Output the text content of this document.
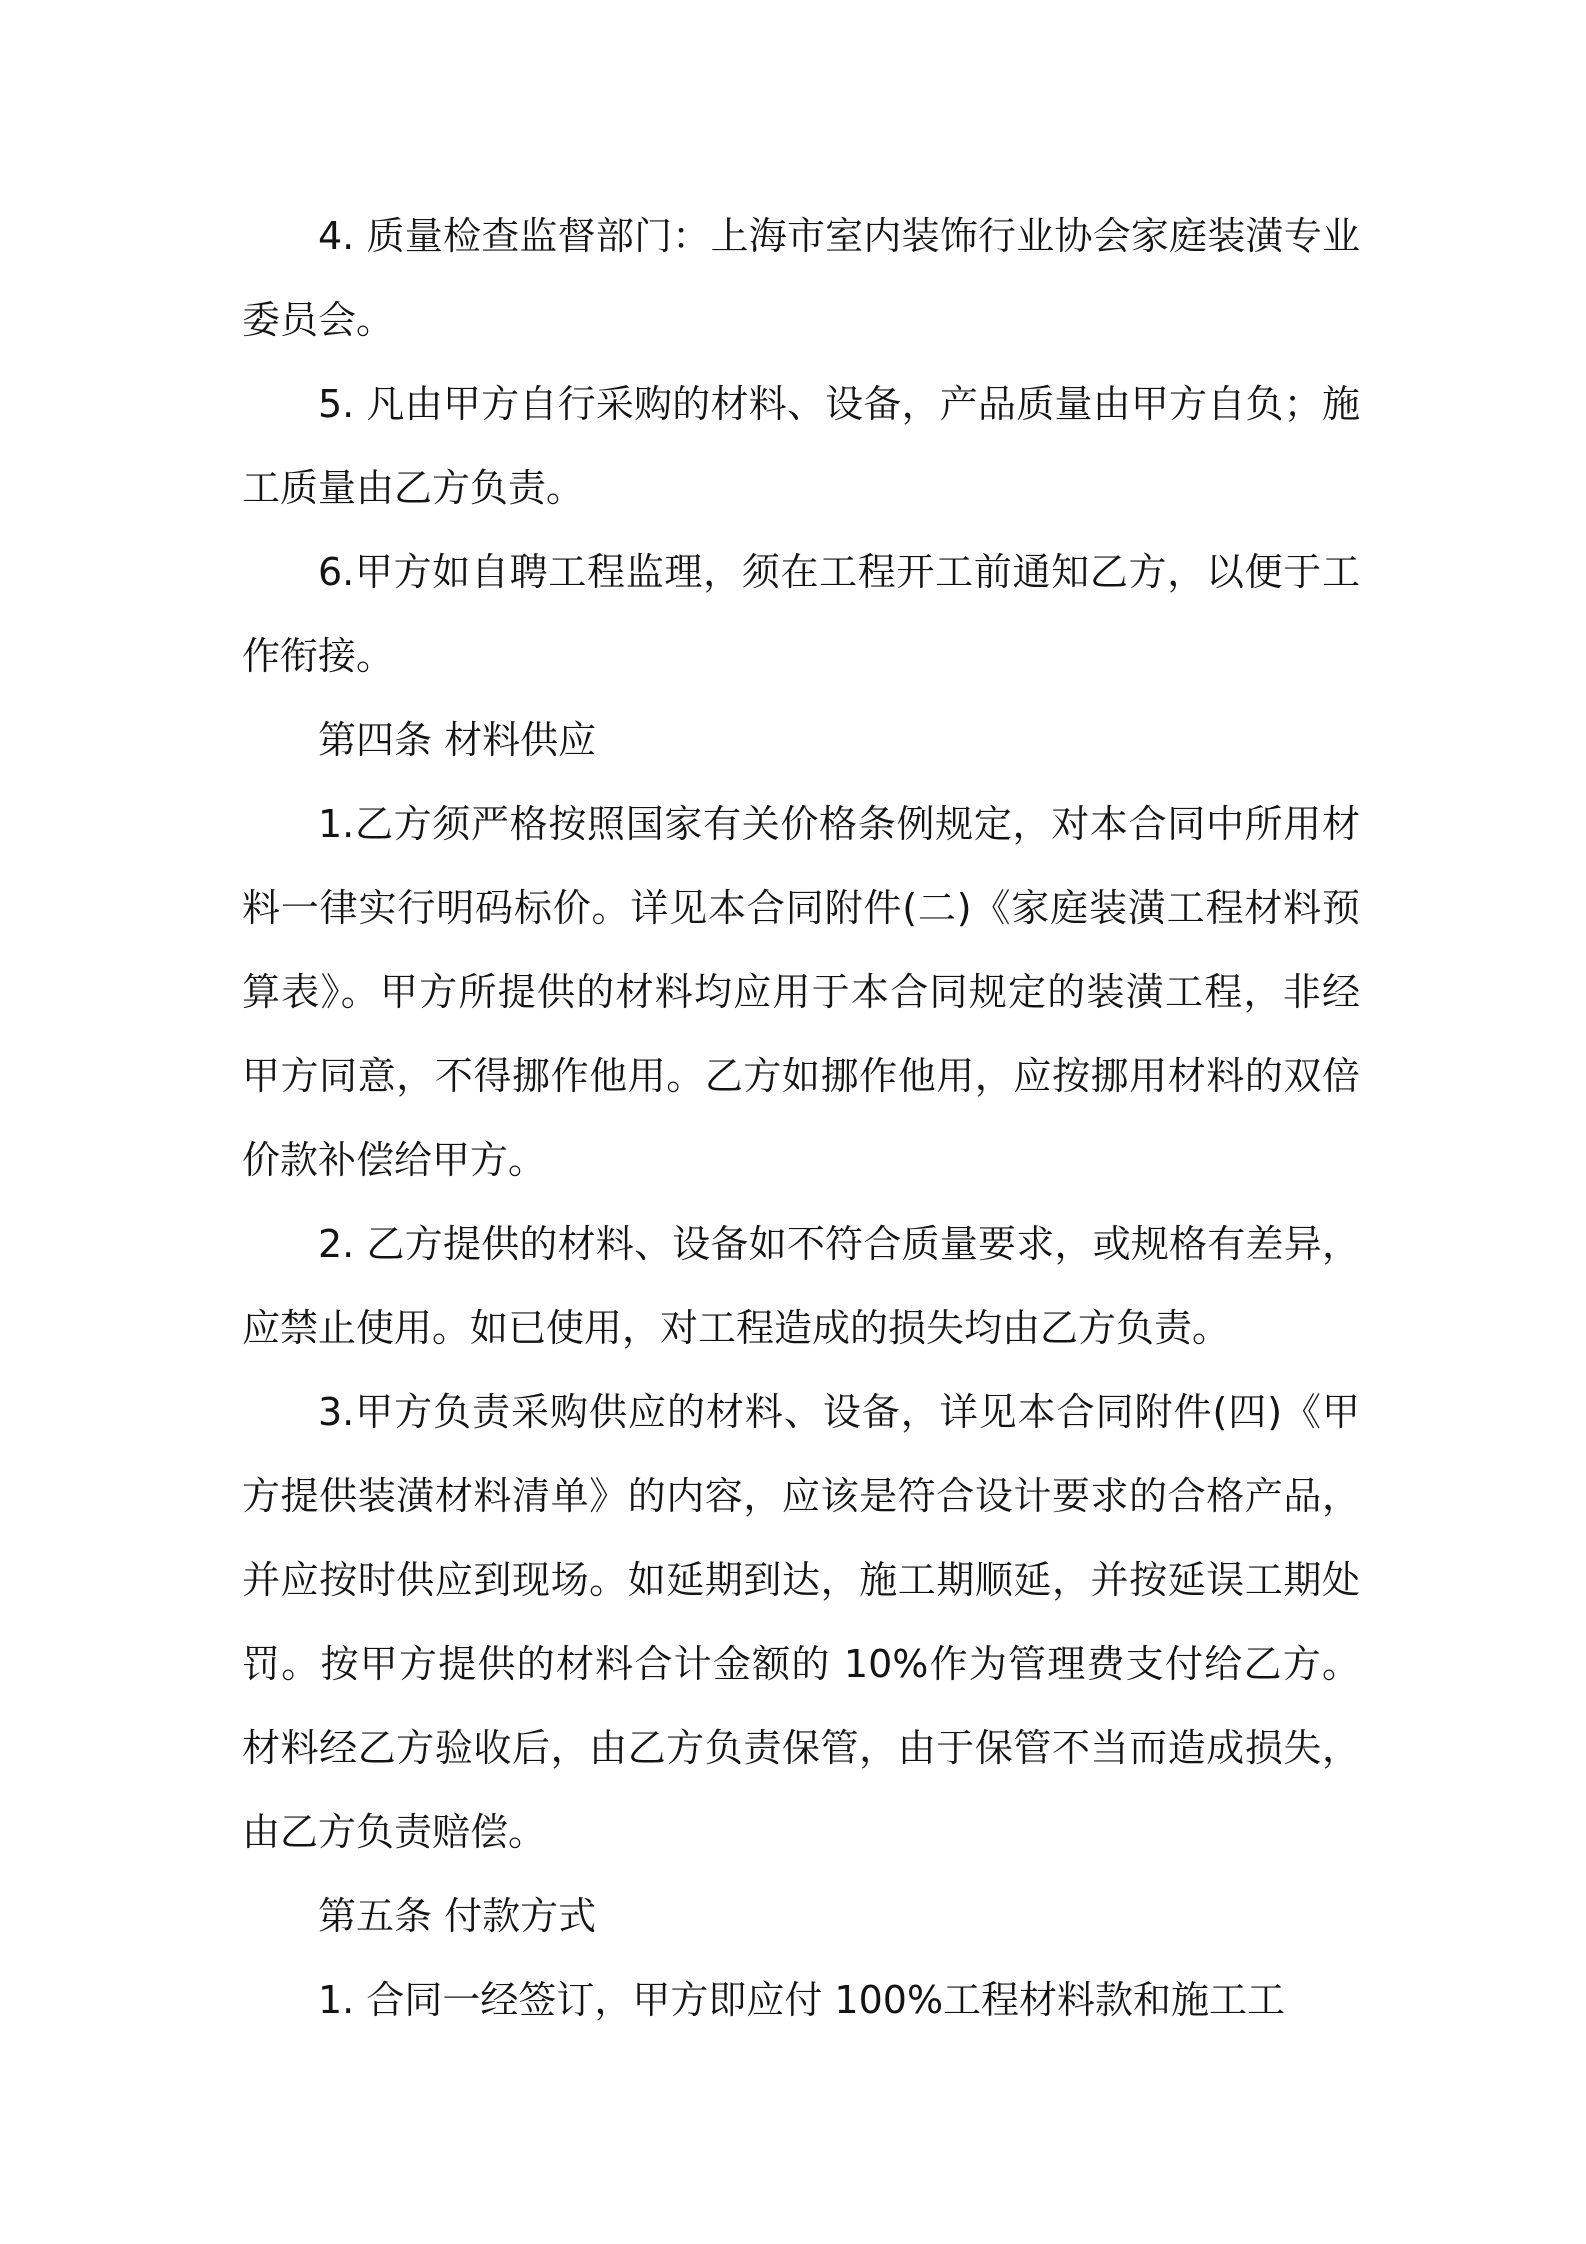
4. 质量检查监督部门：上海市室内装饰行业协会家庭装潢专业委员会。

5. 凡由甲方自行采购的材料、设备，产品质量由甲方自负；施工质量由乙方负责。

6.甲方如自聘工程监理，须在工程开工前通知乙方，以便于工作衔接。

第四条 材料供应

1.乙方须严格按照国家有关价格条例规定，对本合同中所用材料一律实行明码标价。详见本合同附件(二)《家庭装潢工程材料预算表》。甲方所提供的材料均应用于本合同规定的装潢工程，非经甲方同意，不得挪作他用。乙方如挪作他用，应按挪用材料的双倍价款补偿给甲方。

2. 乙方提供的材料、设备如不符合质量要求，或规格有差异，应禁止使用。如已使用，对工程造成的损失均由乙方负责。

3.甲方负责采购供应的材料、设备，详见本合同附件(四)《甲方提供装潢材料清单》的内容，应该是符合设计要求的合格产品，并应按时供应到现场。如延期到达，施工期顺延，并按延误工期处罚。按甲方提供的材料合计金额的 10%作为管理费支付给乙方。材料经乙方验收后，由乙方负责保管，由于保管不当而造成损失，由乙方负责赔偿。

第五条 付款方式

1. 合同一经签订，甲方即应付 100%工程材料款和施工工
